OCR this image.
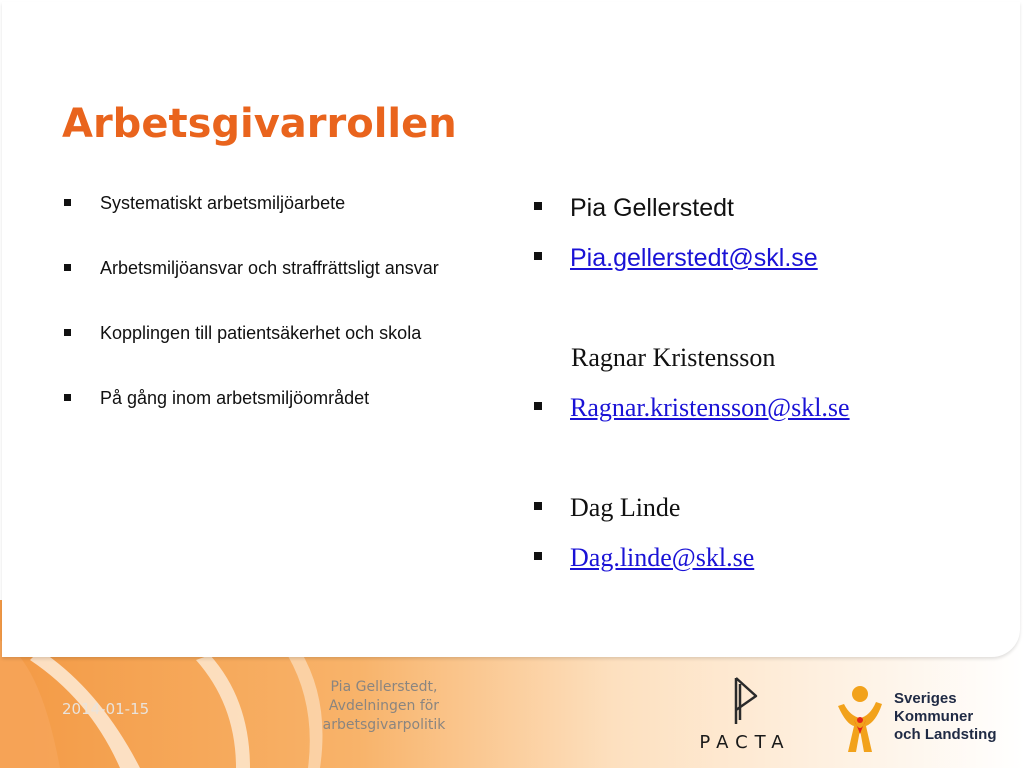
Arbetsgivarrollen
Systematiskt arbetsmiljöarbete
Arbetsmiljöansvar och straffrättsligt ansvar
Kopplingen till patientsäkerhet och skola
På gång inom arbetsmiljöområdet
Pia Gellerstedt
Pia.gellerstedt@skl.se
Ragnar Kristensson
Ragnar.kristensson@skl.se
Dag Linde
Dag.linde@skl.se
2014-01-15
Pia Gellerstedt,
Avdelningen för
arbetsgivarpolitik
PACTA
Sveriges
Kommuner
och Landsting
